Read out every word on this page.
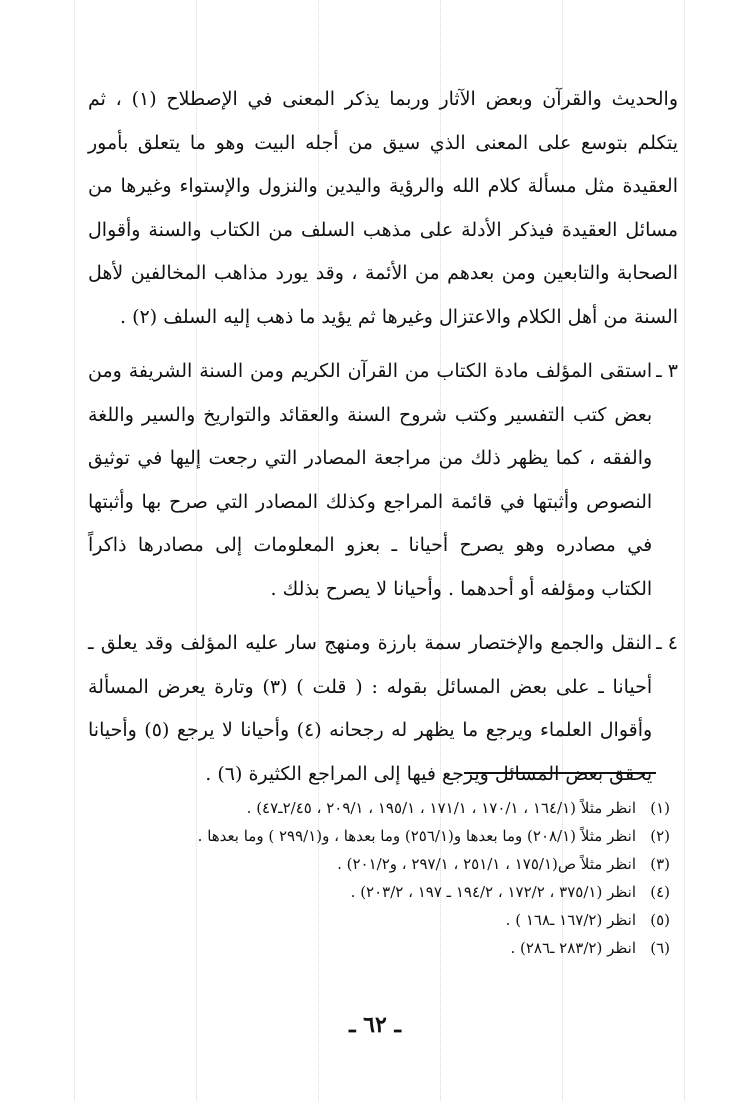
والحديث والقرآن وبعض الآثار وربما يذكر المعنى في الإصطلاح (١) ، ثم يتكلم بتوسع على المعنى الذي سيق من أجله البيت وهو ما يتعلق بأمور العقيدة مثل مسألة كلام الله والرؤية واليدين والنزول والإستواء وغيرها من مسائل العقيدة فيذكر الأدلة على مذهب السلف من الكتاب والسنة وأقوال الصحابة والتابعين ومن بعدهم من الأئمة ، وقد يورد مذاهب المخالفين لأهل السنة من أهل الكلام والاعتزال وغيرها ثم يؤيد ما ذهب إليه السلف (٢) .

٣ ـ

استقى المؤلف مادة الكتاب من القرآن الكريم ومن السنة الشريفة ومن بعض كتب التفسير وكتب شروح السنة والعقائد والتواريخ والسير واللغة والفقه ، كما يظهر ذلك من مراجعة المصادر التي رجعت إليها في توثيق النصوص وأثبتها في قائمة المراجع وكذلك المصادر التي صرح بها وأثبتها في مصادره وهو يصرح أحيانا ـ بعزو المعلومات إلى مصادرها ذاكراً الكتاب ومؤلفه أو أحدهما . وأحيانا لا يصرح بذلك .

٤ ـ

النقل والجمع والإختصار سمة بارزة ومنهج سار عليه المؤلف وقد يعلق ـ أحيانا ـ على بعض المسائل بقوله : ( قلت ) (٣) وتارة يعرض المسألة وأقوال العلماء ويرجع ما يظهر له رجحانه (٤) وأحيانا لا يرجع (٥) وأحيانا يحقق بعض المسائل ويرجع فيها إلى المراجع الكثيرة (٦) .

(١)
انظر مثلاً (١٦٤/١ ، ١٧٠/١ ، ١٧١/١ ، ١٩٥/١ ، ٢٠٩/١ ، ٢/٤٥ـ٤٧) .
(٢)
انظر مثلاً (٢٠٨/١) وما بعدها و(٢٥٦/١) وما بعدها ، و(٢٩٩/١ ) وما بعدها .
(٣)
انظر مثلاً ص(١٧٥/١ ، ٢٥١/١ ، ٢٩٧/١ ، و٢٠١/٢) .
(٤)
انظر (٣٧٥/١ ، ١٧٢/٢ ، ١٩٤/٢ ـ ١٩٧ ، ٢٠٣/٢) .
(٥)
انظر (١٦٧/٢ ـ١٦٨ ) .
(٦)
انظر (٢٨٣/٢ ـ٢٨٦) .
ـ ٦٢ ـ
